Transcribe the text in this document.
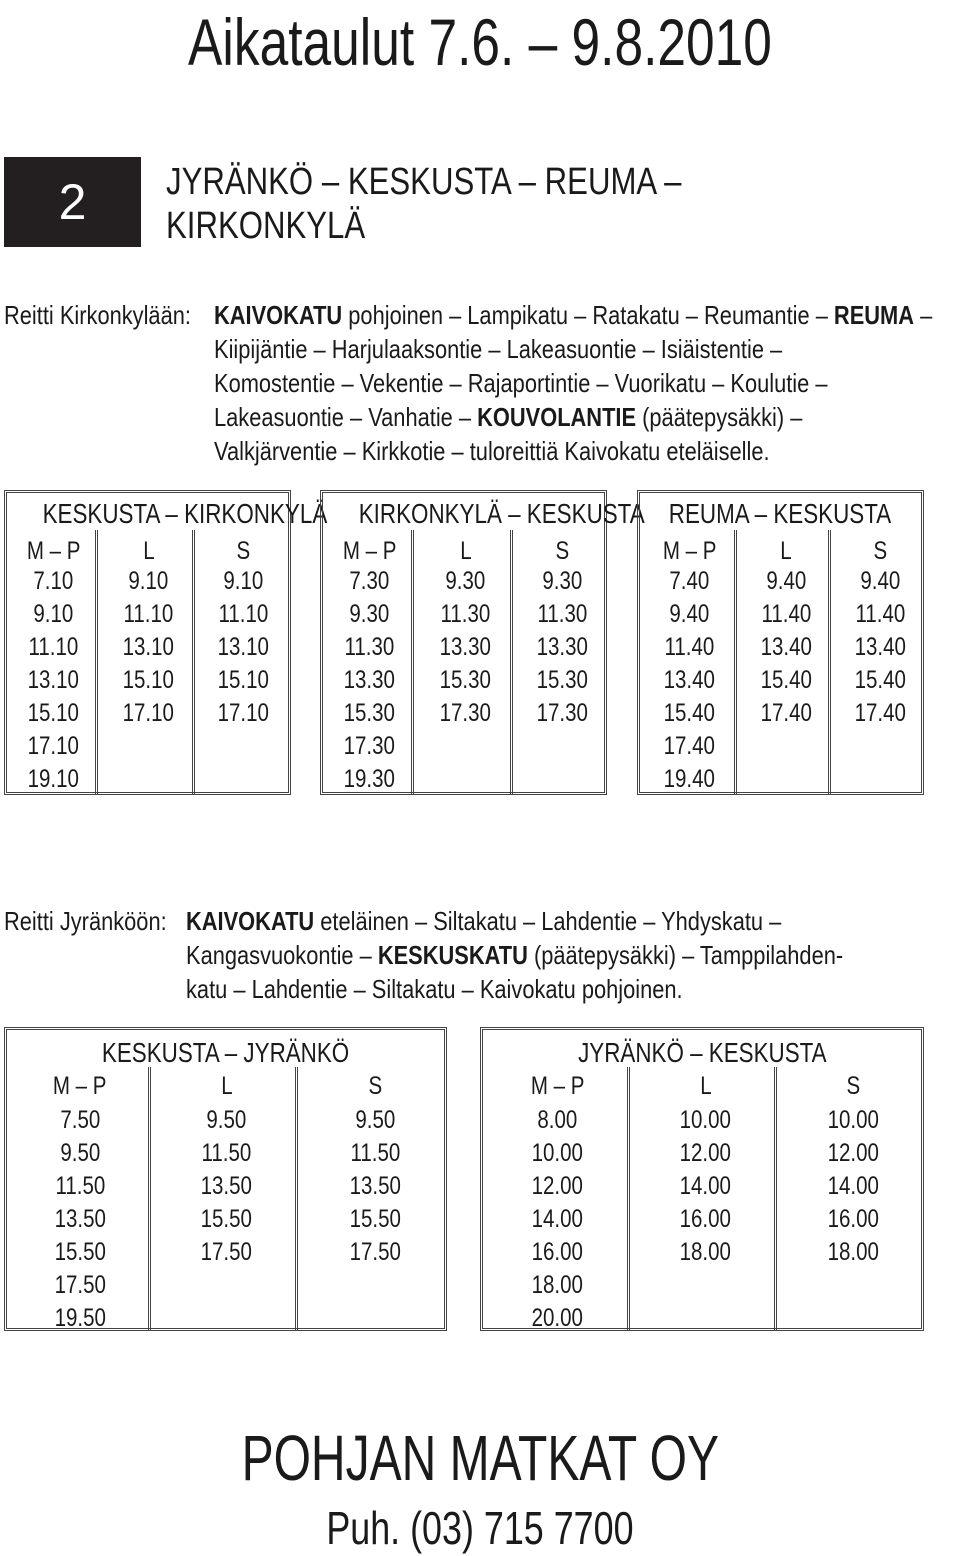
Aikataulut 7.6. – 9.8.2010
2	JYRÄNKÖ – KESKUSTA – REUMA –
KIRKONKYLÄ
Reitti Kirkonkylään: KAIVOKATU pohjoinen – Lampikatu – Ratakatu – Reumantie – REUMA –
Kiipijäntie – Harjulaaksontie – Lakeasuontie – Isiäistentie –
Komostentie – Vekentie – Rajaportintie – Vuorikatu – Koulutie –
Lakeasuontie – Vanhatie – KOUVOLANTIE (päätepysäkki) –
Valkjärventie – Kirkkotie – tuloreittiä Kaivokatu eteläiselle.
KESKUSTA – KIRKONKYLÄ
M – P
7.10
9.10
11.10
13.10
15.10
17.10
19.10
L
9.10
11.10
13.10
15.10
17.10
S
9.10
11.10
13.10
15.10
17.10
KIRKONKYLÄ – KESKUSTA
M – P
7.30
9.30
11.30
13.30
15.30
17.30
19.30
L
9.30
11.30
13.30
15.30
17.30
S
9.30
11.30
13.30
15.30
17.30
REUMA – KESKUSTA
M – P
7.40
9.40
11.40
13.40
15.40
17.40
19.40
L
9.40
11.40
13.40
15.40
17.40
S
9.40
11.40
13.40
15.40
17.40
Reitti Jyränköön: KAIVOKATU eteläinen – Siltakatu – Lahdentie – Yhdyskatu –
Kangasvuokontie – KESKUSKATU (päätepysäkki) – Tamppilahden-
katu – Lahdentie – Siltakatu – Kaivokatu pohjoinen.
KESKUSTA – JYRÄNKÖ
M – P
7.50
9.50
11.50
13.50
15.50
17.50
19.50
L
9.50
11.50
13.50
15.50
17.50
S
9.50
11.50
13.50
15.50
17.50
JYRÄNKÖ – KESKUSTA
M – P
8.00
10.00
12.00
14.00
16.00
18.00
20.00
L
10.00
12.00
14.00
16.00
18.00
S
10.00
12.00
14.00
16.00
18.00
POHJAN MATKAT OY
Puh. (03) 715 7700
